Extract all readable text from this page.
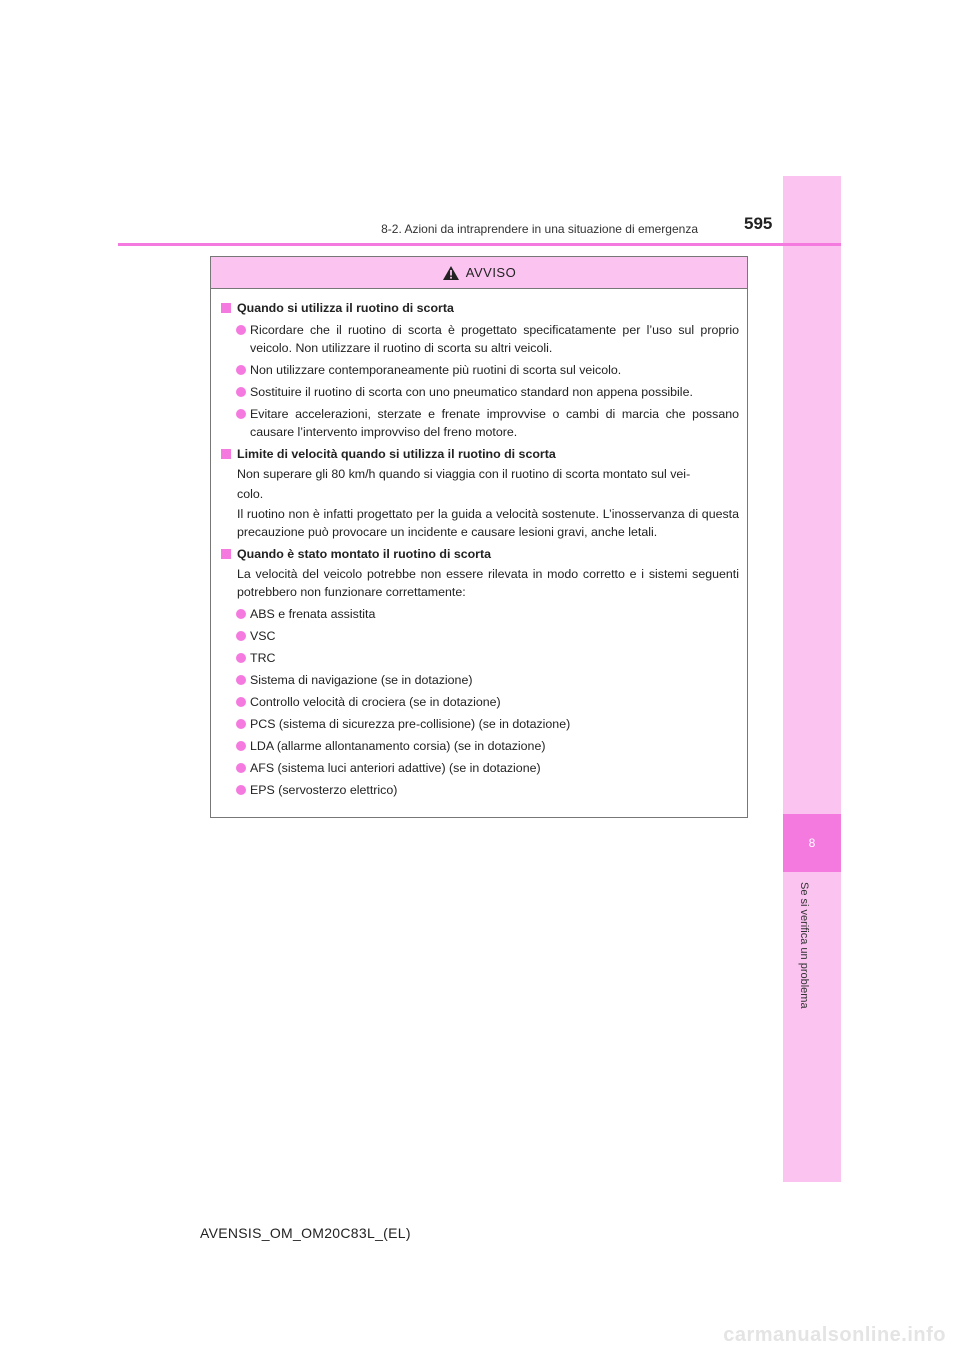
8
Se si verifica un problema
8-2. Azioni da intraprendere in una situazione di emergenza	595
AVVISO
Quando si utilizza il ruotino di scorta
Ricordare che il ruotino di scorta è progettato specificatamente per l’uso sul proprio veicolo. Non utilizzare il ruotino di scorta su altri veicoli.
Non utilizzare contemporaneamente più ruotini di scorta sul veicolo.
Sostituire il ruotino di scorta con uno pneumatico standard non appena possibile.
Evitare accelerazioni, sterzate e frenate improvvise o cambi di marcia che possano causare l’intervento improvviso del freno motore.
Limite di velocità quando si utilizza il ruotino di scorta
Non superare gli 80 km/h quando si viaggia con il ruotino di scorta montato sul vei-
colo.
Il ruotino non è infatti progettato per la guida a velocità sostenute. L’inosservanza di questa precauzione può provocare un incidente e causare lesioni gravi, anche letali.
Quando è stato montato il ruotino di scorta
La velocità del veicolo potrebbe non essere rilevata in modo corretto e i sistemi seguenti potrebbero non funzionare correttamente:
ABS e frenata assistita
VSC
TRC
Sistema di navigazione (se in dotazione)
Controllo velocità di crociera (se in dotazione)
PCS (sistema di sicurezza pre-collisione) (se in dotazione)
LDA (allarme allontanamento corsia) (se in dotazione)
AFS (sistema luci anteriori adattive) (se in dotazione)
EPS (servosterzo elettrico)
AVENSIS_OM_OM20C83L_(EL)
carmanualsonline.info
